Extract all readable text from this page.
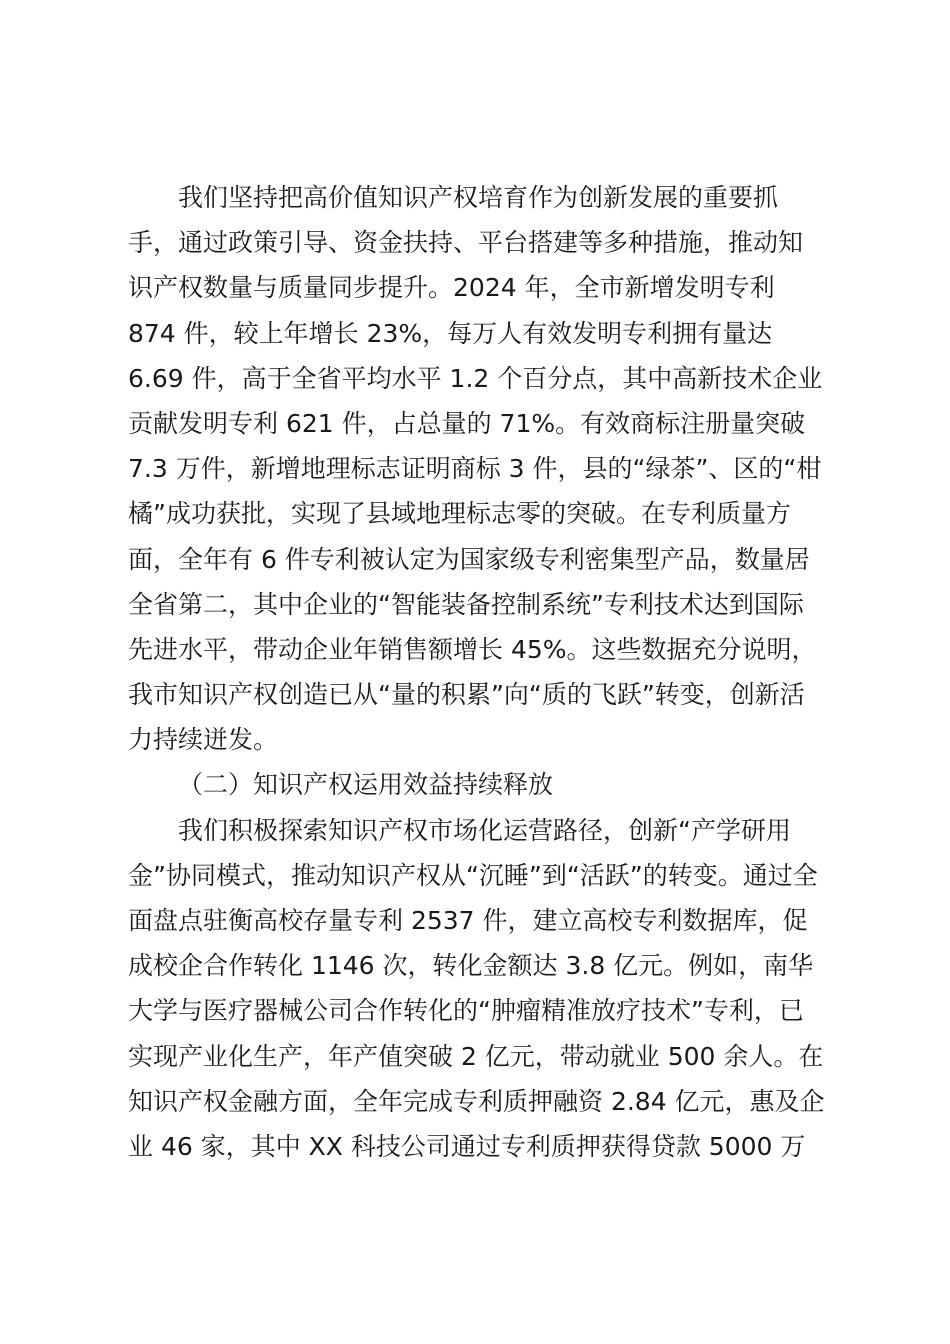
我们坚持把高价值知识产权培育作为创新发展的重要抓
手，通过政策引导、资金扶持、平台搭建等多种措施，推动知
识产权数量与质量同步提升。2024 年，全市新增发明专利
874 件，较上年增长 23%，每万人有效发明专利拥有量达
6.69 件，高于全省平均水平 1.2 个百分点，其中高新技术企业
贡献发明专利 621 件，占总量的 71%。有效商标注册量突破
7.3 万件，新增地理标志证明商标 3 件，县的“绿茶”、区的“柑
橘”成功获批，实现了县域地理标志零的突破。在专利质量方
面，全年有 6 件专利被认定为国家级专利密集型产品，数量居
全省第二，其中企业的“智能装备控制系统”专利技术达到国际
先进水平，带动企业年销售额增长 45%。这些数据充分说明，
我市知识产权创造已从“量的积累”向“质的飞跃”转变，创新活
力持续迸发。
（二）知识产权运用效益持续释放
我们积极探索知识产权市场化运营路径，创新“产学研用
金”协同模式，推动知识产权从“沉睡”到“活跃”的转变。通过全
面盘点驻衡高校存量专利 2537 件，建立高校专利数据库，促
成校企合作转化 1146 次，转化金额达 3.8 亿元。例如，南华
大学与医疗器械公司合作转化的“肿瘤精准放疗技术”专利，已
实现产业化生产，年产值突破 2 亿元，带动就业 500 余人。在
知识产权金融方面，全年完成专利质押融资 2.84 亿元，惠及企
业 46 家，其中 XX 科技公司通过专利质押获得贷款 5000 万
